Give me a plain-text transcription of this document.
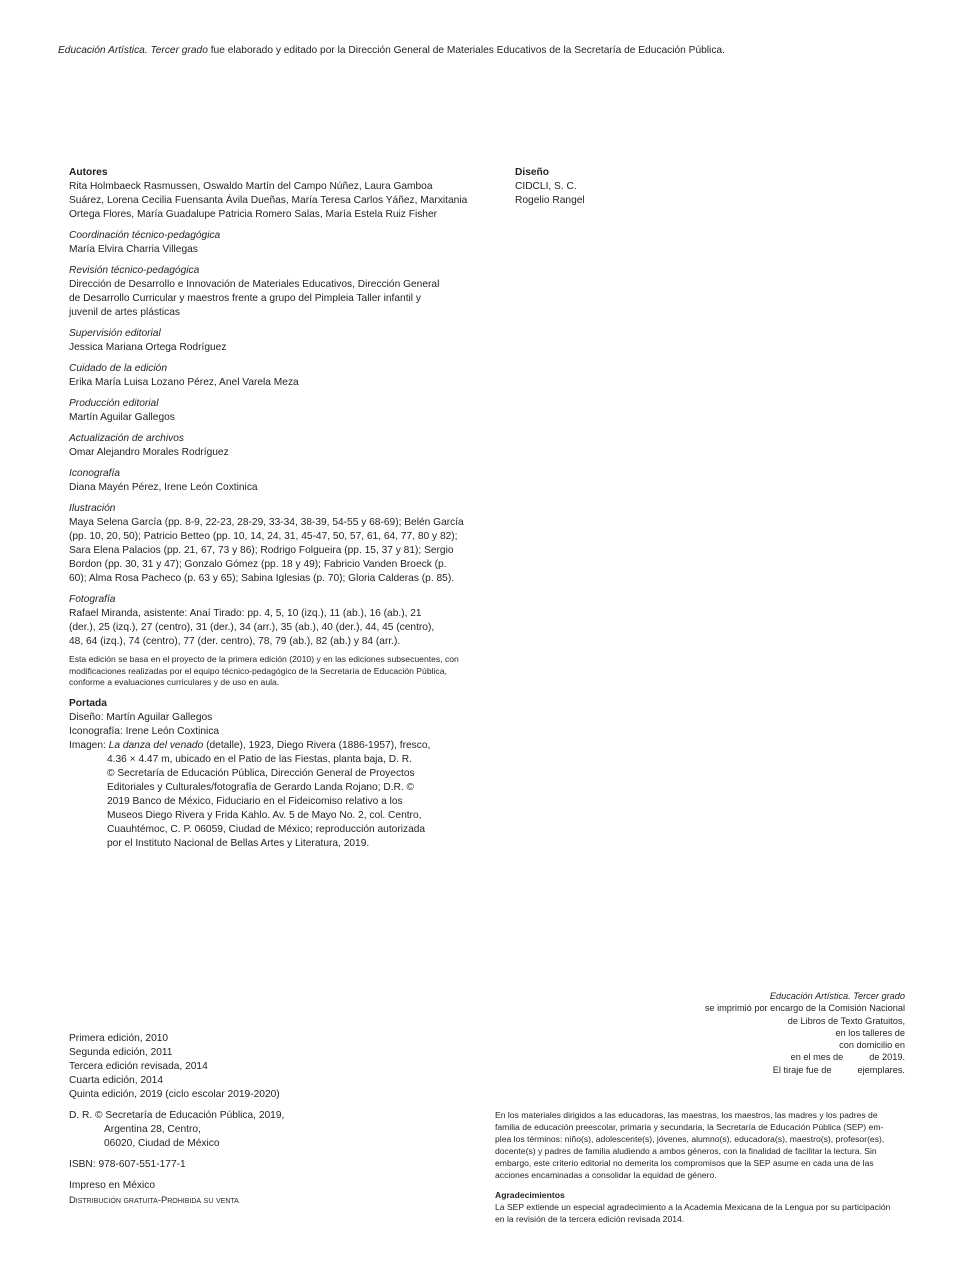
Educación Artística. Tercer grado fue elaborado y editado por la Dirección General de Materiales Educativos de la Secretaría de Educación Pública.
Autores
Rita Holmbaeck Rasmussen, Oswaldo Martín del Campo Núñez, Laura Gamboa
Suárez, Lorena Cecilia Fuensanta Ávila Dueñas, María Teresa Carlos Yáñez, Marxitania
Ortega Flores, María Guadalupe Patricia Romero Salas, María Estela Ruiz Fisher
Coordinación técnico-pedagógica
María Elvira Charria Villegas
Revisión técnico-pedagógica
Dirección de Desarrollo e Innovación de Materiales Educativos, Dirección General
de Desarrollo Curricular y maestros frente a grupo del Pimpleia Taller infantil y
juvenil de artes plásticas
Supervisión editorial
Jessica Mariana Ortega Rodríguez
Cuidado de la edición
Erika María Luisa Lozano Pérez, Anel Varela Meza
Producción editorial
Martín Aguilar Gallegos
Actualización de archivos
Omar Alejandro Morales Rodríguez
Iconografía
Diana Mayén Pérez, Irene León Coxtinica
Ilustración
Maya Selena García (pp. 8-9, 22-23, 28-29, 33-34, 38-39, 54-55 y 68-69); Belén García
(pp. 10, 20, 50); Patricio Betteo (pp. 10, 14, 24, 31, 45-47, 50, 57, 61, 64, 77, 80 y 82);
Sara Elena Palacios (pp. 21, 67, 73 y 86); Rodrigo Folgueira (pp. 15, 37 y 81); Sergio
Bordon (pp. 30, 31 y 47); Gonzalo Gómez (pp. 18 y 49); Fabricio Vanden Broeck (p.
60); Alma Rosa Pacheco (p. 63 y 65); Sabina Iglesias (p. 70); Gloria Calderas (p. 85).
Fotografía
Rafael Miranda, asistente: Anaí Tirado: pp. 4, 5, 10 (izq.), 11 (ab.), 16 (ab.), 21
(der.), 25 (izq.), 27 (centro), 31 (der.), 34 (arr.), 35 (ab.), 40 (der.), 44, 45 (centro),
48, 64 (izq.), 74 (centro), 77 (der. centro), 78, 79 (ab.), 82 (ab.) y 84 (arr.).
Esta edición se basa en el proyecto de la primera edición (2010) y en las ediciones subsecuentes, con
modificaciones realizadas por el equipo técnico-pedagógico de la Secretaría de Educación Pública,
conforme a evaluaciones curriculares y de uso en aula.
Portada
Diseño: Martín Aguilar Gallegos
Iconografía: Irene León Coxtinica
Imagen: La danza del venado (detalle), 1923, Diego Rivera (1886-1957), fresco,
4.36 × 4.47 m, ubicado en el Patio de las Fiestas, planta baja, D. R.
© Secretaría de Educación Pública, Dirección General de Proyectos
Editoriales y Culturales/fotografía de Gerardo Landa Rojano; D.R. ©
2019 Banco de México, Fiduciario en el Fideicomiso relativo a los
Museos Diego Rivera y Frida Kahlo. Av. 5 de Mayo No. 2, col. Centro,
Cuauhtémoc, C. P. 06059, Ciudad de México; reproducción autorizada
por el Instituto Nacional de Bellas Artes y Literatura, 2019.
Diseño
CIDCLI, S. C.
Rogelio Rangel
Educación Artística. Tercer grado
se imprimió por encargo de la Comisión Nacional
de Libros de Texto Gratuitos,
en los talleres de
con domicilio en
en el mes de	de 2019.
El tiraje fue de	ejemplares.
Primera edición, 2010
Segunda edición, 2011
Tercera edición revisada, 2014
Cuarta edición, 2014
Quinta edición, 2019 (ciclo escolar 2019-2020)
D. R. © Secretaría de Educación Pública, 2019,
Argentina 28, Centro,
06020, Ciudad de México
ISBN: 978-607-551-177-1
Impreso en México
Distribución gratuita-Prohibida su venta
En los materiales dirigidos a las educadoras, las maestras, los maestros, las madres y los padres de
familia de educación preescolar, primaria y secundaria, la Secretaría de Educación Pública (SEP) em-
plea los términos: niño(s), adolescente(s), jóvenes, alumno(s), educadora(s), maestro(s), profesor(es),
docente(s) y padres de familia aludiendo a ambos géneros, con la finalidad de facilitar la lectura. Sin
embargo, este criterio editorial no demerita los compromisos que la SEP asume en cada una de las
acciones encaminadas a consolidar la equidad de género.
Agradecimientos
La SEP extiende un especial agradecimiento a la Academia Mexicana de la Lengua por su participación
en la revisión de la tercera edición revisada 2014.
